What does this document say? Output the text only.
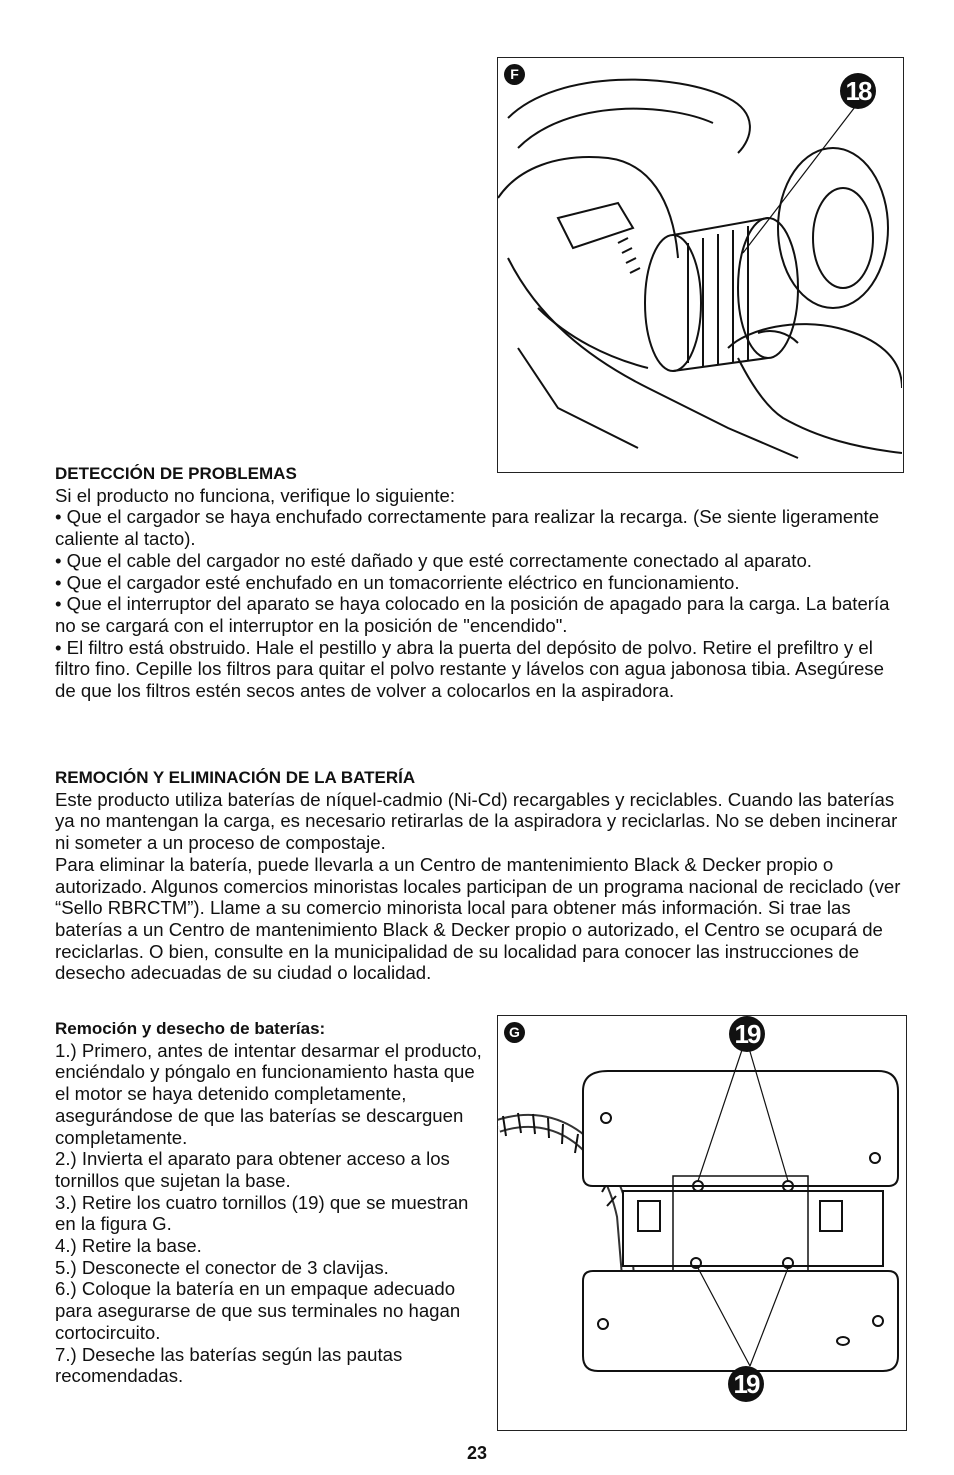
F
18

DETECCIÓN DE PROBLEMAS

Si el producto no funciona, verifique lo siguiente:

• Que el cargador se haya enchufado correctamente para realizar la recarga. (Se siente ligeramente caliente al tacto).

• Que el cable del cargador no esté dañado y que esté correctamente conectado al aparato.

• Que el cargador esté enchufado en un tomacorriente eléctrico en funcionamiento.

• Que el interruptor del aparato se haya colocado en la posición de apagado para la carga. La batería no se cargará con el interruptor en la posición de "encendido".

• El filtro está obstruido. Hale el pestillo y abra la puerta del depósito de polvo. Retire el prefiltro y el filtro fino. Cepille los filtros para quitar el polvo restante y lávelos con agua jabonosa tibia. Asegúrese de que los filtros estén secos antes de volver a colocarlos en la aspiradora.

REMOCIÓN Y ELIMINACIÓN DE LA BATERÍA

Este producto utiliza baterías de níquel-cadmio (Ni-Cd) recargables y reciclables. Cuando las baterías ya no mantengan la carga, es necesario retirarlas de la aspiradora y reciclarlas. No se deben incinerar ni someter a un proceso de compostaje.

Para eliminar la batería, puede llevarla a un Centro de mantenimiento Black & Decker propio o autorizado. Algunos comercios minoristas locales participan de un programa nacional de reciclado (ver “Sello RBRCTM”). Llame a su comercio minorista local para obtener más información. Si trae las baterías a un Centro de mantenimiento Black & Decker propio o autorizado, el Centro se ocupará de reciclarlas. O bien, consulte en la municipalidad de su localidad para conocer las instrucciones de desecho adecuadas de su ciudad o localidad.

Remoción y desecho de baterías:

1.) Primero, antes de intentar desarmar el producto, enciéndalo y póngalo en funcionamiento hasta que el motor se haya detenido completamente, asegurándose de que las baterías se descarguen completamente.

2.) Invierta el aparato para obtener acceso a los tornillos que sujetan la base.

3.) Retire los cuatro tornillos (19) que se muestran en la figura G.

4.) Retire la base.

5.) Desconecte el conector de 3 clavijas.

6.) Coloque la batería en un empaque adecuado para asegurarse de que sus terminales no hagan cortocircuito.

7.) Deseche las baterías según las pautas recomendadas.

G	19
19
23
